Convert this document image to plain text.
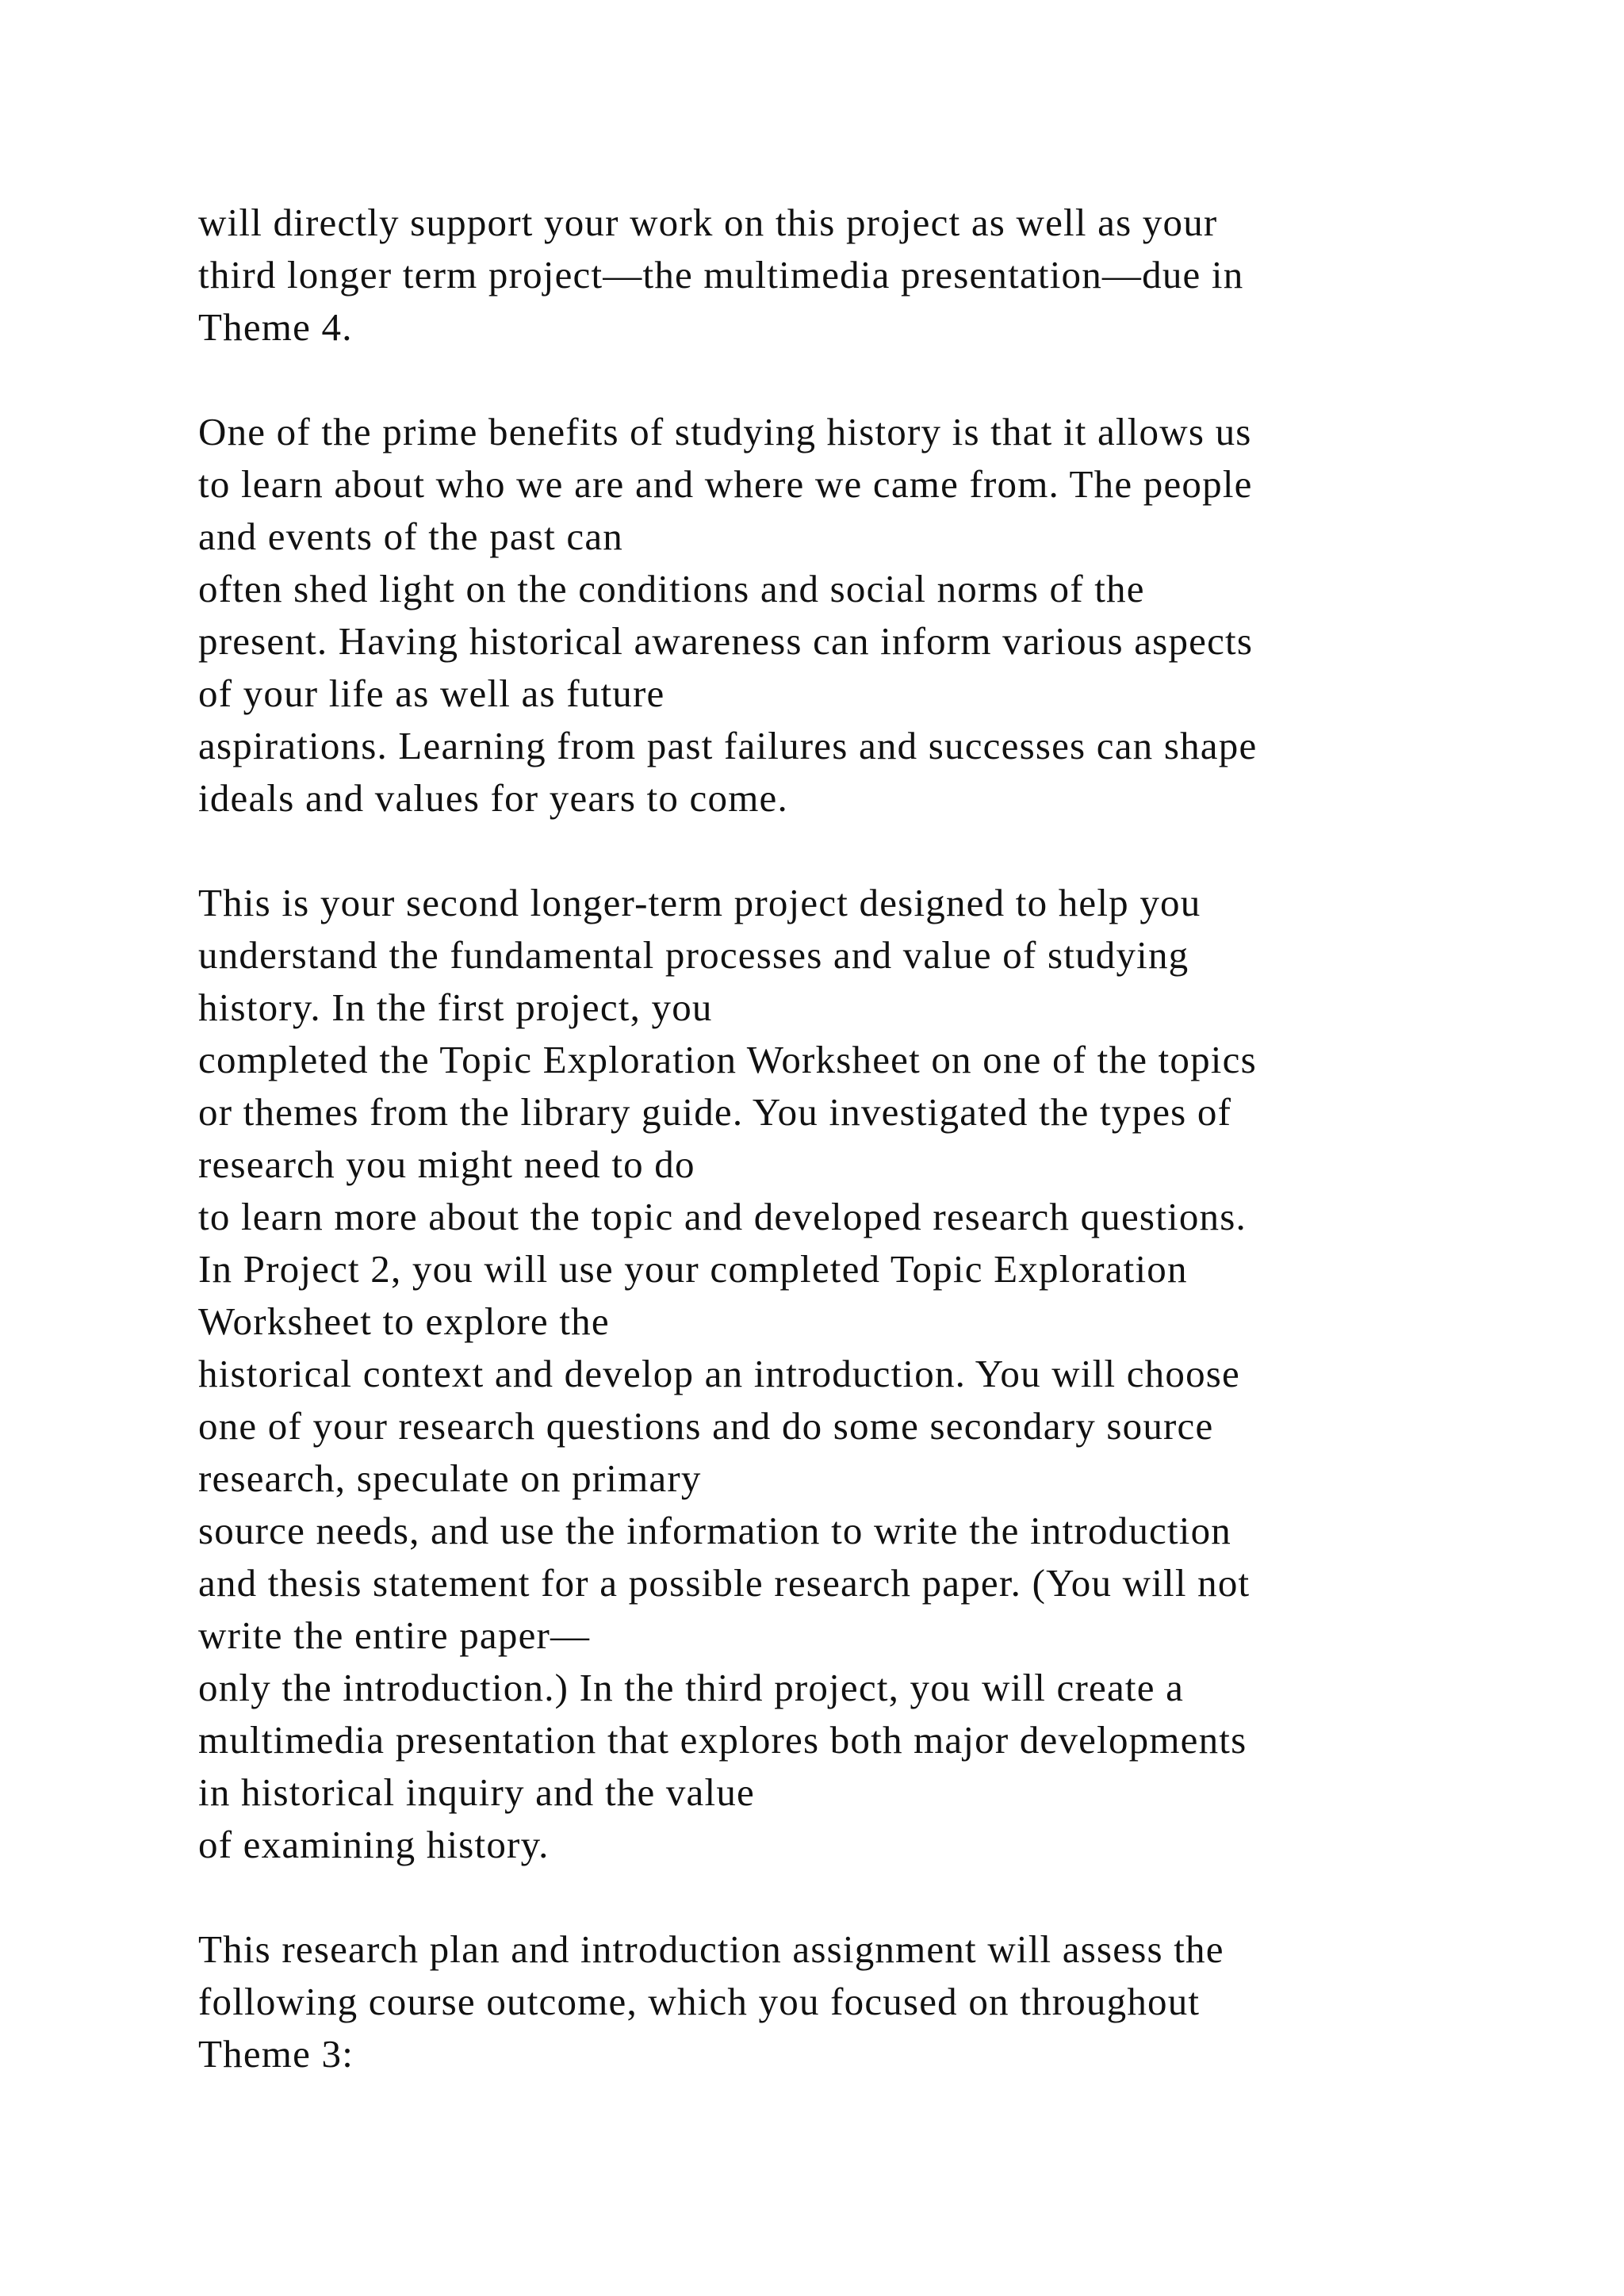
will directly support your work on this project as well as your
third longer term project—the multimedia presentation—due in
Theme 4.

One of the prime benefits of studying history is that it allows us
to learn about who we are and where we came from. The people
and events of the past can
often shed light on the conditions and social norms of the
present. Having historical awareness can inform various aspects
of your life as well as future
aspirations. Learning from past failures and successes can shape
ideals and values for years to come.

This is your second longer-term project designed to help you
understand the fundamental processes and value of studying
history. In the first project, you
completed the Topic Exploration Worksheet on one of the topics
or themes from the library guide. You investigated the types of
research you might need to do
to learn more about the topic and developed research questions.
In Project 2, you will use your completed Topic Exploration
Worksheet to explore the
historical context and develop an introduction. You will choose
one of your research questions and do some secondary source
research, speculate on primary
source needs, and use the information to write the introduction
and thesis statement for a possible research paper. (You will not
write the entire paper—
only the introduction.) In the third project, you will create a
multimedia presentation that explores both major developments
in historical inquiry and the value
of examining history.

This research plan and introduction assignment will assess the
following course outcome, which you focused on throughout
Theme 3:
